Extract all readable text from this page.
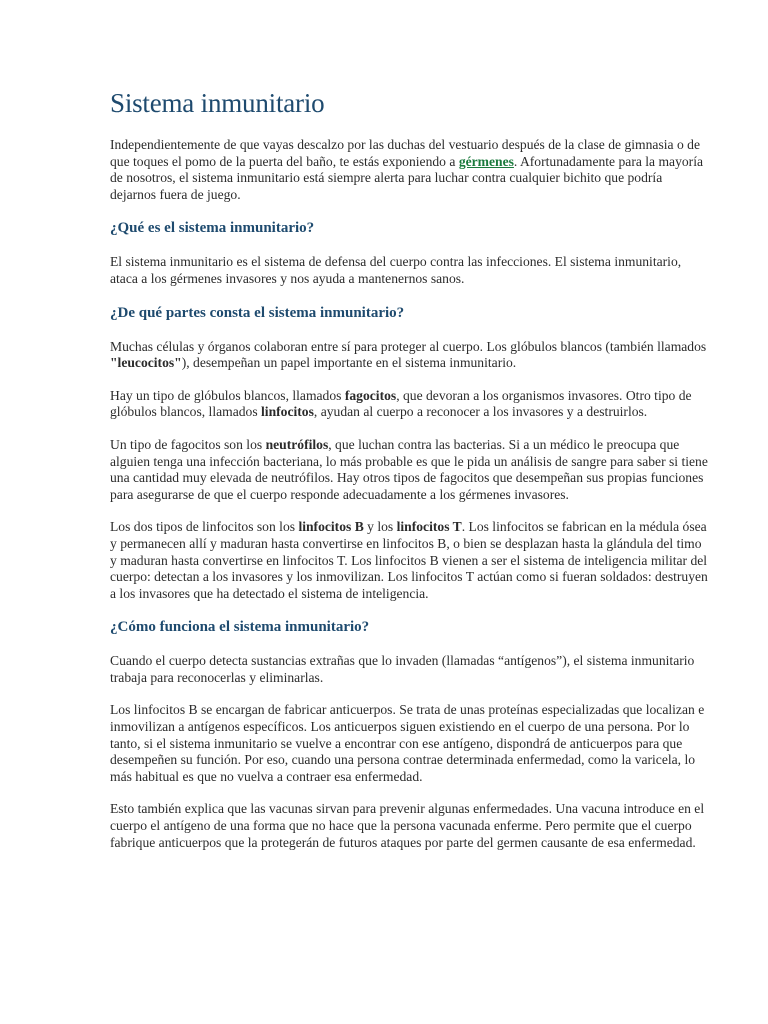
Sistema inmunitario

Independientemente de que vayas descalzo por las duchas del vestuario después de la clase de gimnasia o de que toques el pomo de la puerta del baño, te estás exponiendo a gérmenes. Afortunadamente para la mayoría de nosotros, el sistema inmunitario está siempre alerta para luchar contra cualquier bichito que podría dejarnos fuera de juego.

¿Qué es el sistema inmunitario?

El sistema inmunitario es el sistema de defensa del cuerpo contra las infecciones. El sistema inmunitario, ataca a los gérmenes invasores y nos ayuda a mantenernos sanos.

¿De qué partes consta el sistema inmunitario?

Muchas células y órganos colaboran entre sí para proteger al cuerpo. Los glóbulos blancos (también llamados "leucocitos"), desempeñan un papel importante en el sistema inmunitario.

Hay un tipo de glóbulos blancos, llamados fagocitos, que devoran a los organismos invasores. Otro tipo de glóbulos blancos, llamados linfocitos, ayudan al cuerpo a reconocer a los invasores y a destruirlos.

Un tipo de fagocitos son los neutrófilos, que luchan contra las bacterias. Si a un médico le preocupa que alguien tenga una infección bacteriana, lo más probable es que le pida un análisis de sangre para saber si tiene una cantidad muy elevada de neutrófilos. Hay otros tipos de fagocitos que desempeñan sus propias funciones para asegurarse de que el cuerpo responde adecuadamente a los gérmenes invasores.

Los dos tipos de linfocitos son los linfocitos B y los linfocitos T. Los linfocitos se fabrican en la médula ósea y permanecen allí y maduran hasta convertirse en linfocitos B, o bien se desplazan hasta la glándula del timo y maduran hasta convertirse en linfocitos T. Los linfocitos B vienen a ser el sistema de inteligencia militar del cuerpo: detectan a los invasores y los inmovilizan. Los linfocitos T actúan como si fueran soldados: destruyen a los invasores que ha detectado el sistema de inteligencia.

¿Cómo funciona el sistema inmunitario?

Cuando el cuerpo detecta sustancias extrañas que lo invaden (llamadas “antígenos”), el sistema inmunitario trabaja para reconocerlas y eliminarlas.

Los linfocitos B se encargan de fabricar anticuerpos. Se trata de unas proteínas especializadas que localizan e inmovilizan a antígenos específicos. Los anticuerpos siguen existiendo en el cuerpo de una persona. Por lo tanto, si el sistema inmunitario se vuelve a encontrar con ese antígeno, dispondrá de anticuerpos para que desempeñen su función. Por eso, cuando una persona contrae determinada enfermedad, como la varicela, lo más habitual es que no vuelva a contraer esa enfermedad.

Esto también explica que las vacunas sirvan para prevenir algunas enfermedades. Una vacuna introduce en el cuerpo el antígeno de una forma que no hace que la persona vacunada enferme. Pero permite que el cuerpo fabrique anticuerpos que la protegerán de futuros ataques por parte del germen causante de esa enfermedad.
